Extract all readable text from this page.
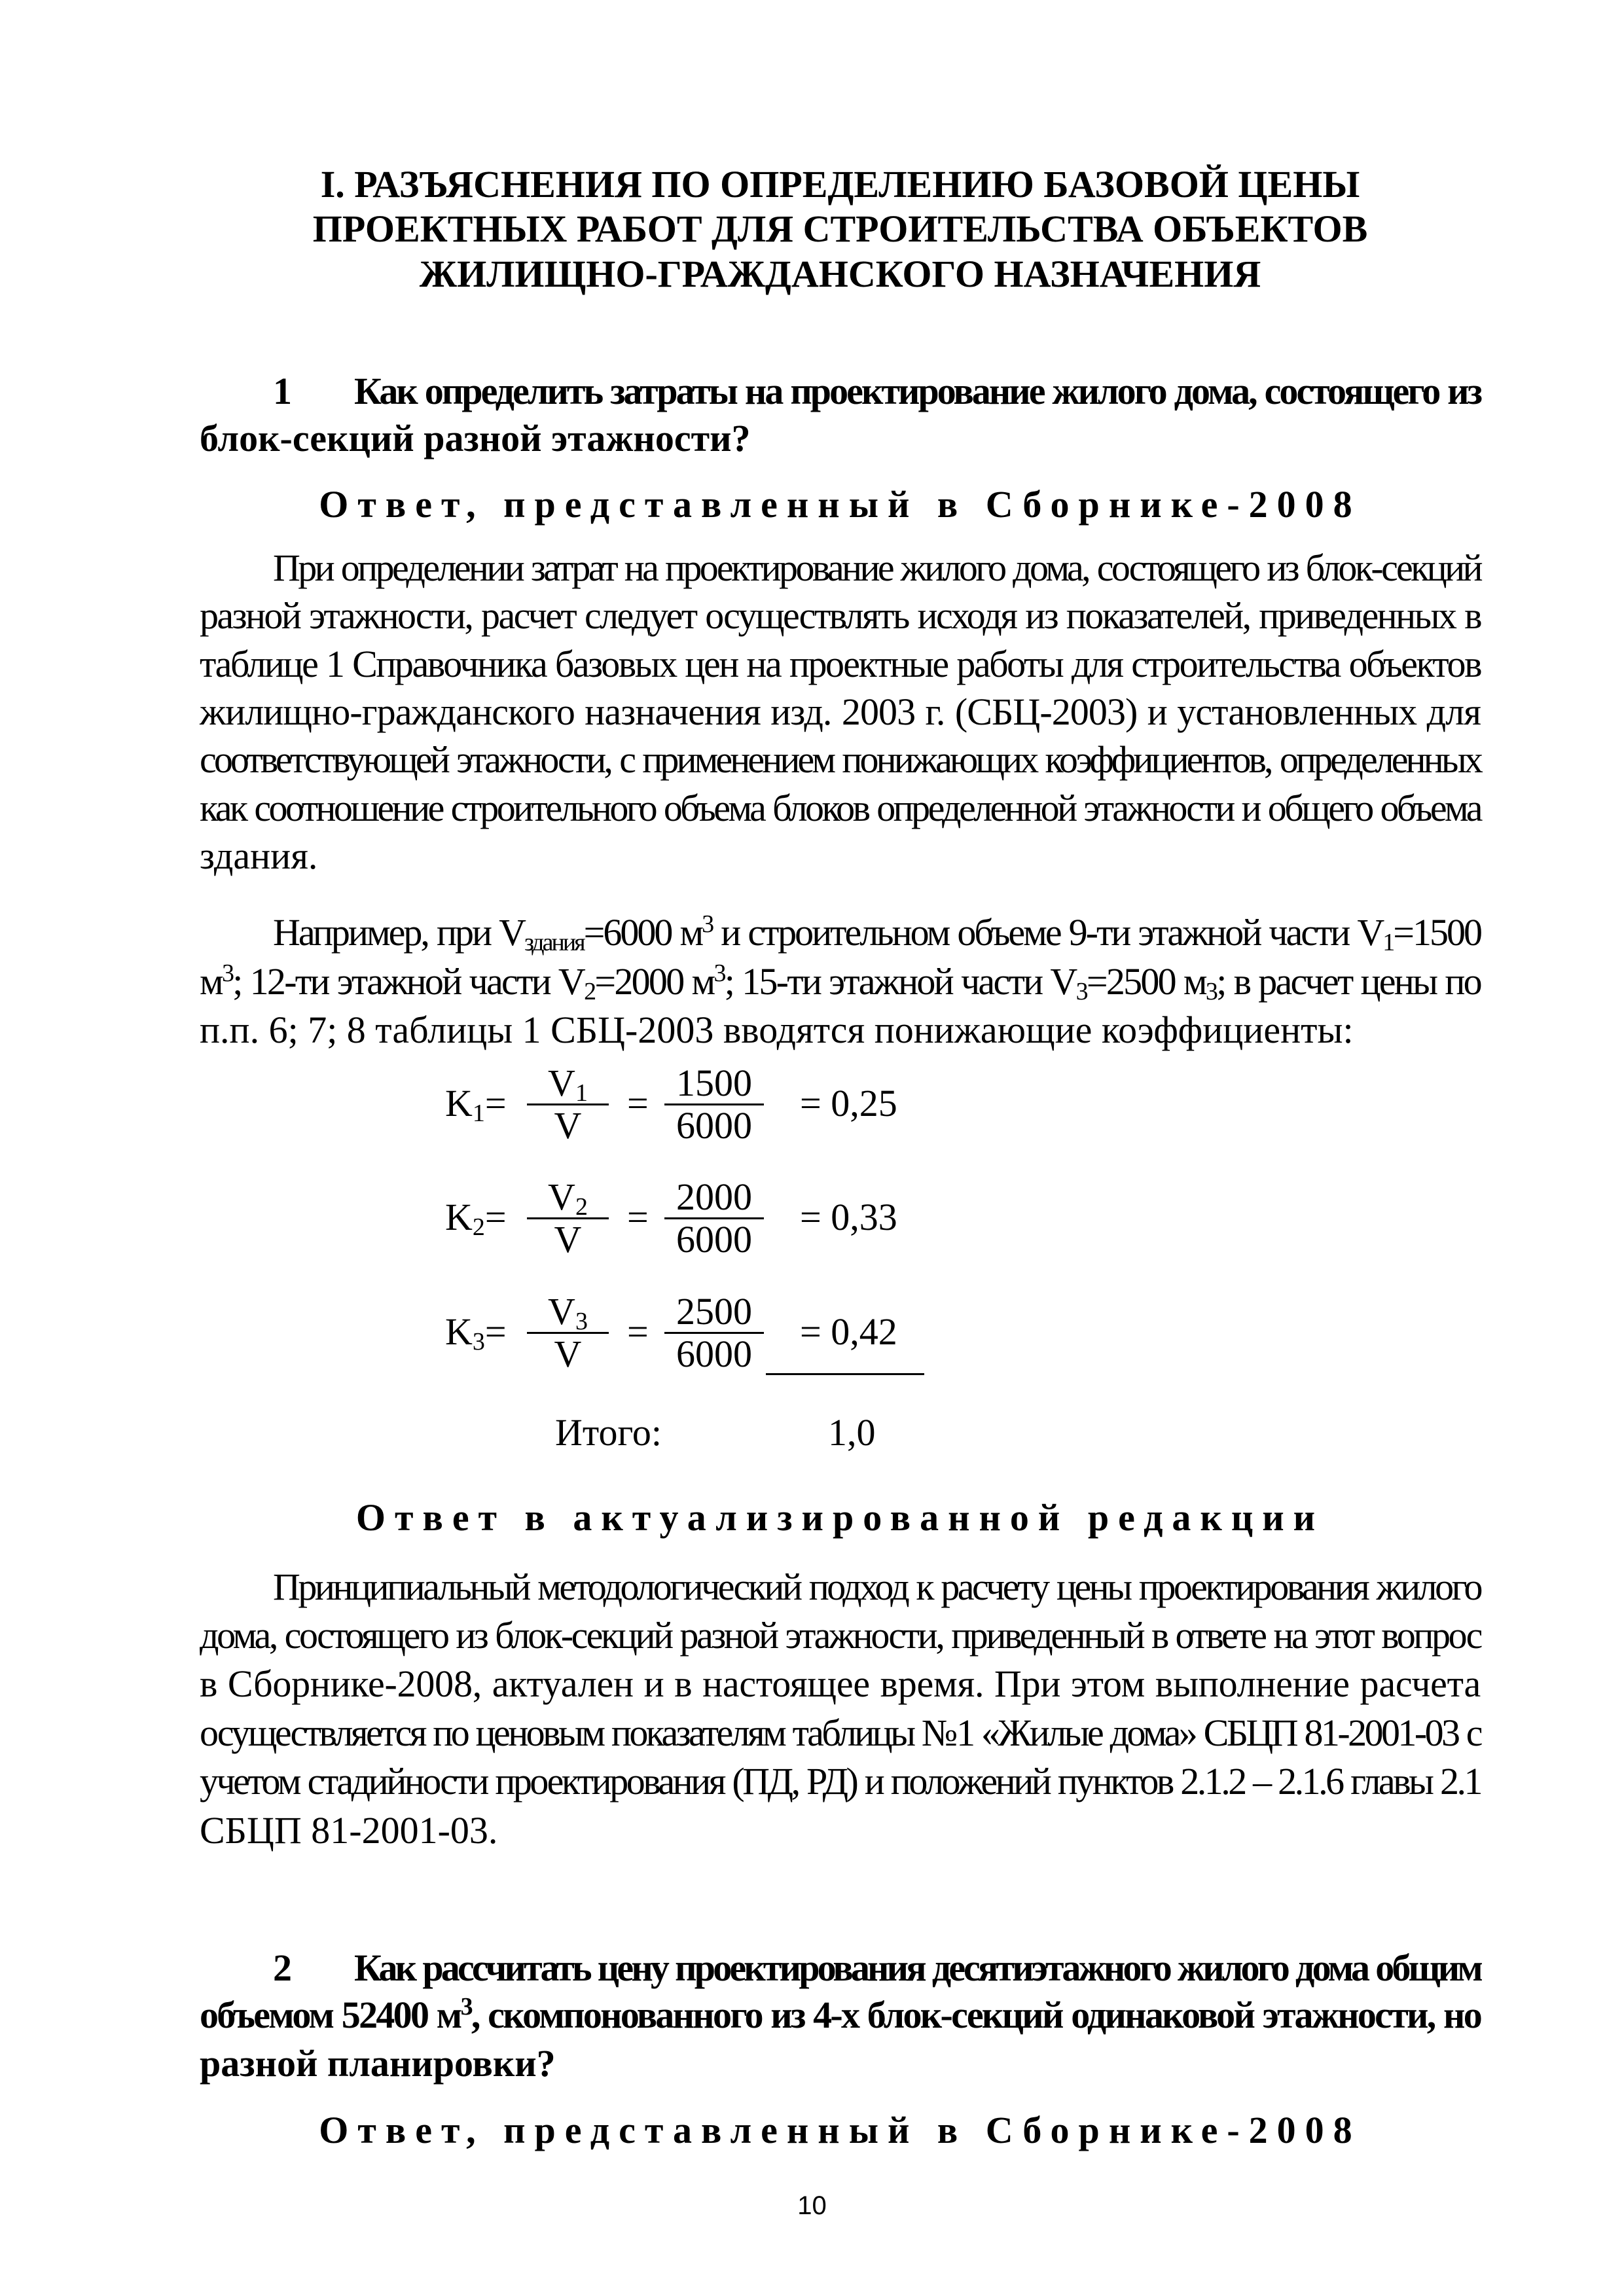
I. РАЗЪЯСНЕНИЯ ПО ОПРЕДЕЛЕНИЮ БАЗОВОЙ ЦЕНЫ
ПРОЕКТНЫХ РАБОТ ДЛЯ СТРОИТЕЛЬСТВА ОБЪЕКТОВ
ЖИЛИЩНО-ГРАЖДАНСКОГО НАЗНАЧЕНИЯ
1 Как определить затраты на проектирование жилого дома, состоящего из
блок-секций разной этажности?
Ответ, представленный в Сборнике-2008
При определении затрат на проектирование жилого дома, состоящего из блок-секций
разной этажности, расчет следует осуществлять исходя из показателей, приведенных в
таблице 1 Справочника базовых цен на проектные работы для строительства объектов
жилищно-гражданского назначения изд. 2003 г. (СБЦ-2003) и установленных для
соответствующей этажности, с применением понижающих коэффициентов, определенных
как соотношение строительного объема блоков определенной этажности и общего объема
здания.
Например, при $V_{здания}=6000$ $м^3$ и строительном объеме 9-ти этажной части $V_1=1500$
$м^3$; 12-ти этажной части $V_2=2000$ $м^3$; 15-ти этажной части $V_3=2500$ $м_3$; в расчет цены по
п.п. 6; 7; 8 таблицы 1 СБЦ-2003 вводятся понижающие коэффициенты:
$K_1=$	$V_1$
V
= 1500
6000
= 0,25
$K_2=$	$V_2$
V
= 2000
6000
= 0,33
$K_3=$	$V_3$
V
= 2500
6000
= 0,42
Итого:	1,0
Ответ в актуализированной редакции
Принципиальный методологический подход к расчету цены проектирования жилого
дома, состоящего из блок-секций разной этажности, приведенный в ответе на этот вопрос
в Сборнике-2008, актуален и в настоящее время. При этом выполнение расчета
осуществляется по ценовым показателям таблицы №1 «Жилые дома» СБЦП 81-2001-03 с
учетом стадийности проектирования (ПД, РД) и положений пунктов 2.1.2 – 2.1.6 главы 2.1
СБЦП 81-2001-03.
2 Как рассчитать цену проектирования десятиэтажного жилого дома общим
объемом 52400 $м^3$, скомпонованного из 4-х блок-секций одинаковой этажности, но
разной планировки?
Ответ, представленный в Сборнике-2008
10
